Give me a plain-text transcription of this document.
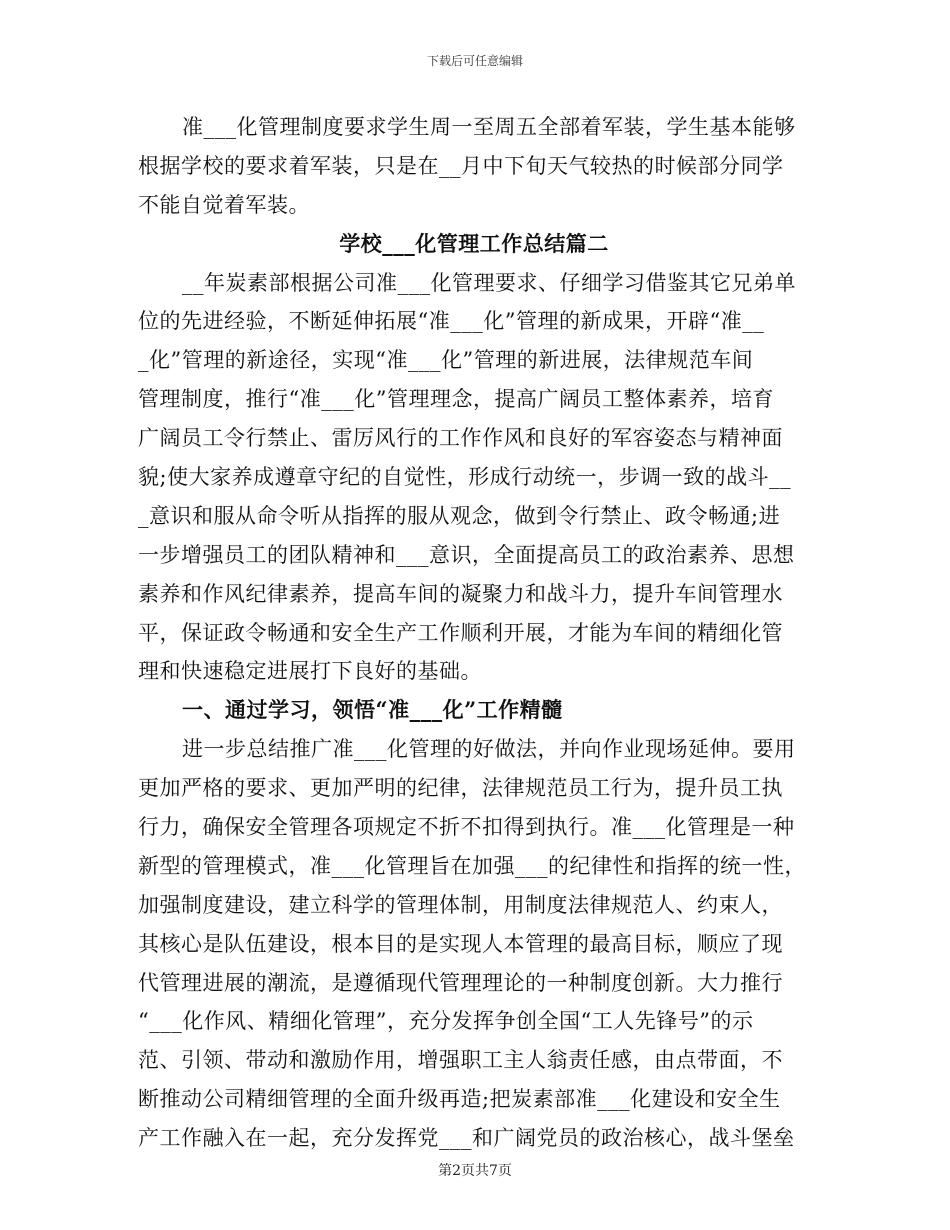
下载后可任意编辑
准___化管理制度要求学生周一至周五全部着军装，学生基本能够
根据学校的要求着军装，只是在__月中下旬天气较热的时候部分同学
不能自觉着军装。
学校___化管理工作总结篇二
__年炭素部根据公司准___化管理要求、仔细学习借鉴其它兄弟单
位的先进经验，不断延伸拓展“准___化”管理的新成果，开辟“准__
_化”管理的新途径，实现“准___化”管理的新进展，法律规范车间
管理制度，推行“准___化”管理理念，提高广阔员工整体素养，培育
广阔员工令行禁止、雷厉风行的工作作风和良好的军容姿态与精神面
貌;使大家养成遵章守纪的自觉性，形成行动统一，步调一致的战斗__
_意识和服从命令听从指挥的服从观念，做到令行禁止、政令畅通;进
一步增强员工的团队精神和___意识，全面提高员工的政治素养、思想
素养和作风纪律素养，提高车间的凝聚力和战斗力，提升车间管理水
平，保证政令畅通和安全生产工作顺利开展，才能为车间的精细化管
理和快速稳定进展打下良好的基础。
一、通过学习，领悟“准___化”工作精髓
进一步总结推广准___化管理的好做法，并向作业现场延伸。要用
更加严格的要求、更加严明的纪律，法律规范员工行为，提升员工执
行力，确保安全管理各项规定不折不扣得到执行。准___化管理是一种
新型的管理模式，准___化管理旨在加强___的纪律性和指挥的统一性，
加强制度建设，建立科学的管理体制，用制度法律规范人、约束人，
其核心是队伍建设，根本目的是实现人本管理的最高目标，顺应了现
代管理进展的潮流，是遵循现代管理理论的一种制度创新。大力推行
“___化作风、精细化管理”，充分发挥争创全国“工人先锋号”的示
范、引领、带动和激励作用，增强职工主人翁责任感，由点带面，不
断推动公司精细管理的全面升级再造;把炭素部准___化建设和安全生
产工作融入在一起，充分发挥党___和广阔党员的政治核心，战斗堡垒
第2页共7页
